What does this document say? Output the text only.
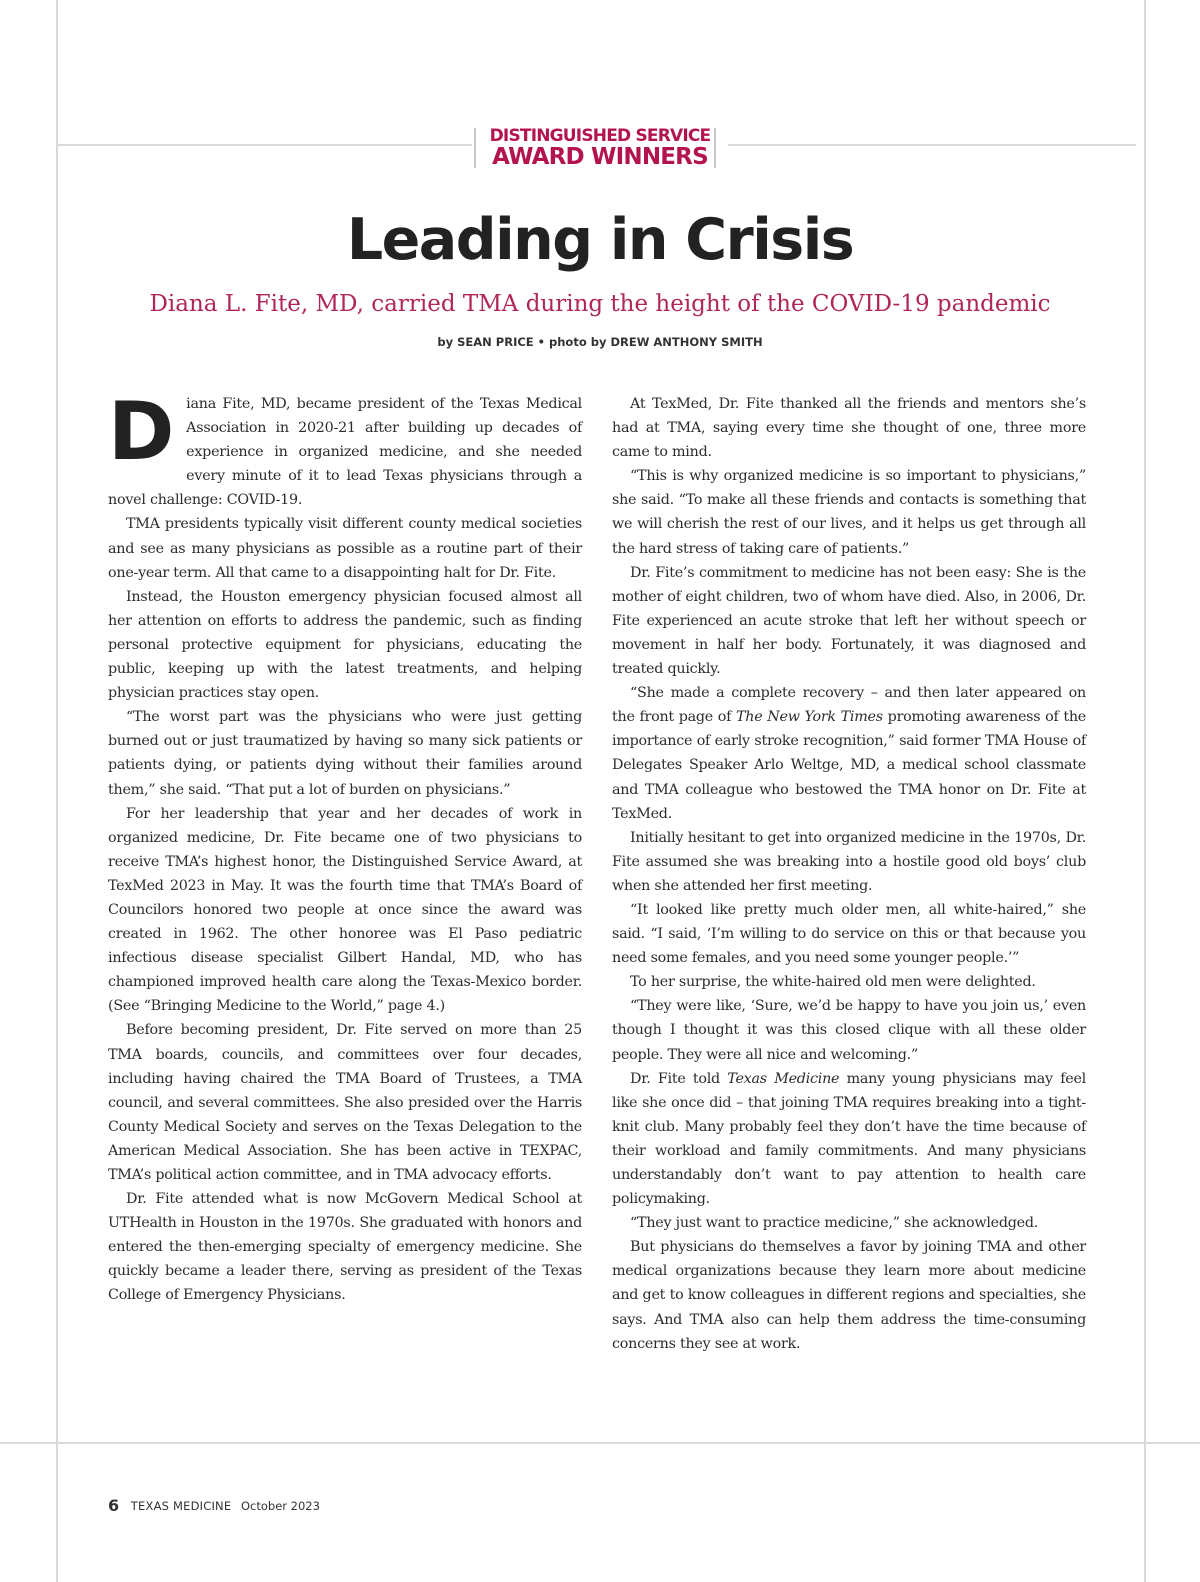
DISTINGUISHED SERVICE
AWARD WINNERS
Leading in Crisis
Diana L. Fite, MD, carried TMA during the height of the COVID-19 pandemic
by SEAN PRICE • photo by DREW ANTHONY SMITH

Diana Fite, MD, became president of the Texas Medical Association in 2020-21 after building up decades of experience in organized medicine, and she needed every minute of it to lead Texas physicians through a novel challenge: COVID-19.

TMA presidents typically visit different county medical societies and see as many physicians as possible as a routine part of their one-year term. All that came to a disappointing halt for Dr. Fite.

Instead, the Houston emergency physician focused almost all her attention on efforts to address the pandemic, such as finding personal protective equipment for physicians, educating the public, keeping up with the latest treatments, and helping physician practices stay open.

“The worst part was the physicians who were just getting burned out or just traumatized by having so many sick patients or patients dying, or patients dying without their families around them,” she said. “That put a lot of burden on physicians.”

For her leadership that year and her decades of work in organized medicine, Dr. Fite became one of two physicians to receive TMA’s highest honor, the Distinguished Service Award, at TexMed 2023 in May. It was the fourth time that TMA’s Board of Councilors honored two people at once since the award was created in 1962. The other honoree was El Paso pediatric infectious disease specialist Gilbert Handal, MD, who has championed improved health care along the Texas-Mexico border. (See “Bringing Medicine to the World,” page 4.)

Before becoming president, Dr. Fite served on more than 25 TMA boards, councils, and committees over four decades, including having chaired the TMA Board of Trustees, a TMA council, and several committees. She also presided over the Harris County Medical Society and serves on the Texas Delegation to the American Medical Association. She has been active in TEXPAC, TMA’s political action committee, and in TMA advocacy efforts.

Dr. Fite attended what is now McGovern Medical School at UTHealth in Houston in the 1970s. She graduated with honors and entered the then-emerging specialty of emergency medicine. She quickly became a leader there, serving as president of the Texas College of Emergency Physicians.

At TexMed, Dr. Fite thanked all the friends and mentors she’s had at TMA, saying every time she thought of one, three more came to mind.

“This is why organized medicine is so important to physicians,” she said. “To make all these friends and contacts is something that we will cherish the rest of our lives, and it helps us get through all the hard stress of taking care of patients.”

Dr. Fite’s commitment to medicine has not been easy: She is the mother of eight children, two of whom have died. Also, in 2006, Dr. Fite experienced an acute stroke that left her without speech or movement in half her body. Fortunately, it was diagnosed and treated quickly.

“She made a complete recovery – and then later appeared on the front page of The New York Times promoting awareness of the importance of early stroke recognition,” said former TMA House of Delegates Speaker Arlo Weltge, MD, a medical school classmate and TMA colleague who bestowed the TMA honor on Dr. Fite at TexMed.

Initially hesitant to get into organized medicine in the 1970s, Dr. Fite assumed she was breaking into a hostile good old boys’ club when she attended her first meeting.

“It looked like pretty much older men, all white-haired,” she said. “I said, ‘I’m willing to do service on this or that because you need some females, and you need some younger people.’”

To her surprise, the white-haired old men were delighted.

“They were like, ‘Sure, we’d be happy to have you join us,’ even though I thought it was this closed clique with all these older people. They were all nice and welcoming.”

Dr. Fite told Texas Medicine many young physicians may feel like she once did – that joining TMA requires breaking into a tight-knit club. Many probably feel they don’t have the time because of their workload and family commitments. And many physicians understandably don’t want to pay attention to health care policymaking.

“They just want to practice medicine,” she acknowledged.

But physicians do themselves a favor by joining TMA and other medical organizations because they learn more about medicine and get to know colleagues in different regions and specialties, she says. And TMA also can help them address the time-consuming concerns they see at work.

6 TEXAS MEDICINE October 2023
